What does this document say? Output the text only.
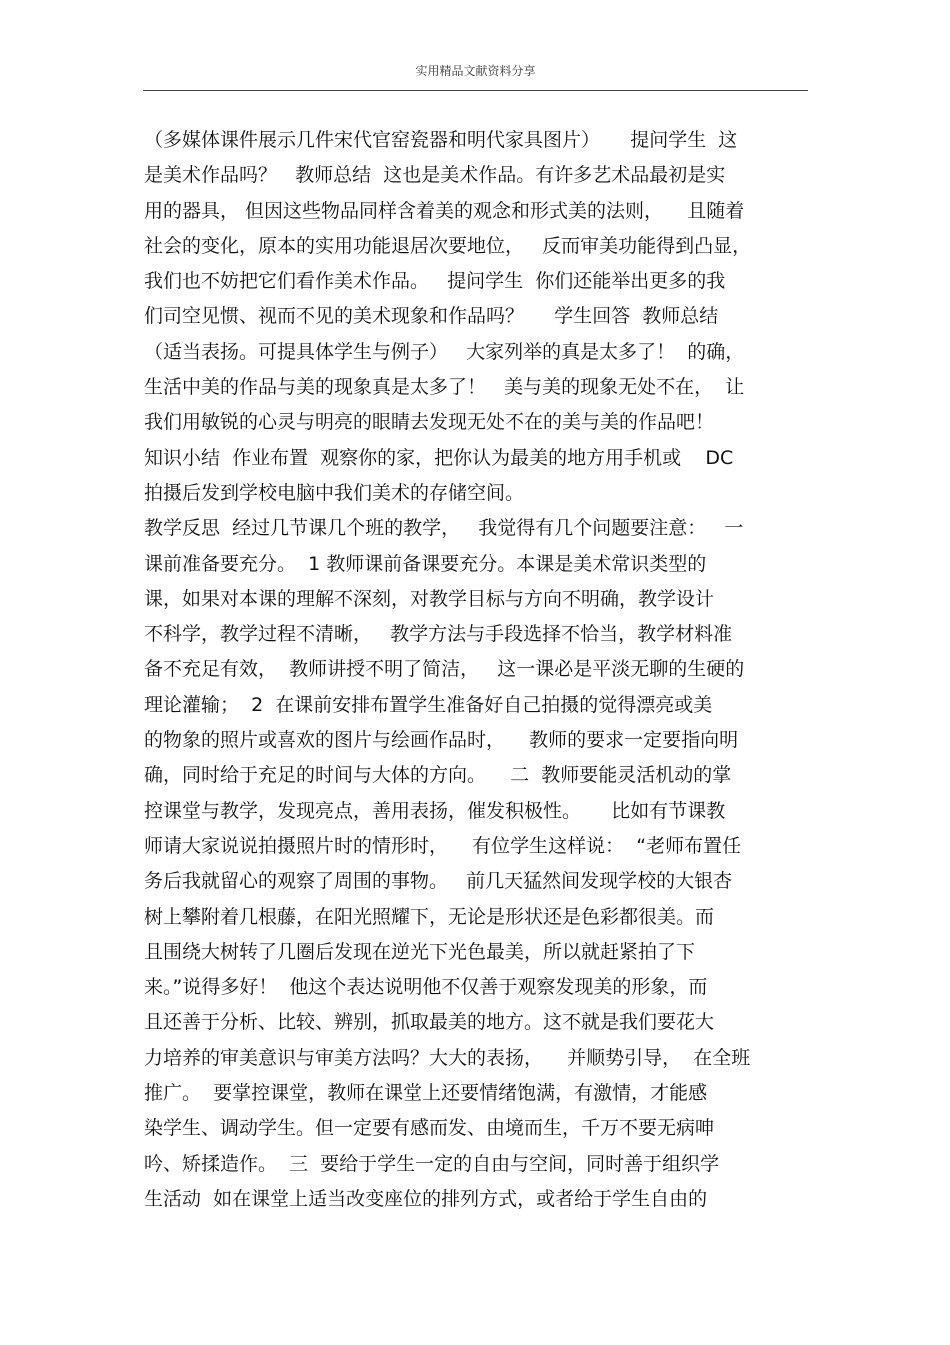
实用精品文献资料分享
（多媒体课件展示几件宋代官窑瓷器和明代家具图片）     提问学生  这
是美术作品吗？   教师总结  这也是美术作品。有许多艺术品最初是实
用的器具， 但因这些物品同样含着美的观念和形式美的法则，    且随着
社会的变化，原本的实用功能退居次要地位，   反而审美功能得到凸显，
我们也不妨把它们看作美术作品。   提问学生  你们还能举出更多的我
们司空见惯、视而不见的美术现象和作品吗？     学生回答  教师总结
（适当表扬。可提具体学生与例子）   大家列举的真是太多了！  的确，
生活中美的作品与美的现象真是太多了！   美与美的现象无处不在，  让
我们用敏锐的心灵与明亮的眼睛去发现无处不在的美与美的作品吧！
知识小结  作业布置  观察你的家，把你认为最美的地方用手机或    DC
拍摄后发到学校电脑中我们美术的存储空间。
教学反思  经过几节课几个班的教学，   我觉得有几个问题要注意：   一
课前准备要充分。  1 教师课前备课要充分。本课是美术常识类型的
课，如果对本课的理解不深刻，对教学目标与方向不明确，教学设计
不科学，教学过程不清晰，   教学方法与手段选择不恰当，教学材料准
备不充足有效，  教师讲授不明了简洁，   这一课必是平淡无聊的生硬的
理论灌输；  2  在课前安排布置学生准备好自己拍摄的觉得漂亮或美
的物象的照片或喜欢的图片与绘画作品时，    教师的要求一定要指向明
确，同时给于充足的时间与大体的方向。    二  教师要能灵活机动的掌
控课堂与教学，发现亮点，善用表扬，催发积极性。     比如有节课教
师请大家说说拍摄照片时的情形时，    有位学生这样说：  “老师布置任
务后我就留心的观察了周围的事物。   前几天猛然间发现学校的大银杏
树上攀附着几根藤，在阳光照耀下，无论是形状还是色彩都很美。而
且围绕大树转了几圈后发现在逆光下光色最美，所以就赶紧拍了下
来。”说得多好！  他这个表达说明他不仅善于观察发现美的形象，而
且还善于分析、比较、辨别，抓取最美的地方。这不就是我们要花大
力培养的审美意识与审美方法吗？大大的表扬，    并顺势引导，  在全班
推广。  要掌控课堂，教师在课堂上还要情绪饱满，有激情，才能感
染学生、调动学生。但一定要有感而发、由境而生，千万不要无病呻
吟、矫揉造作。  三  要给于学生一定的自由与空间，同时善于组织学
生活动  如在课堂上适当改变座位的排列方式，或者给于学生自由的
